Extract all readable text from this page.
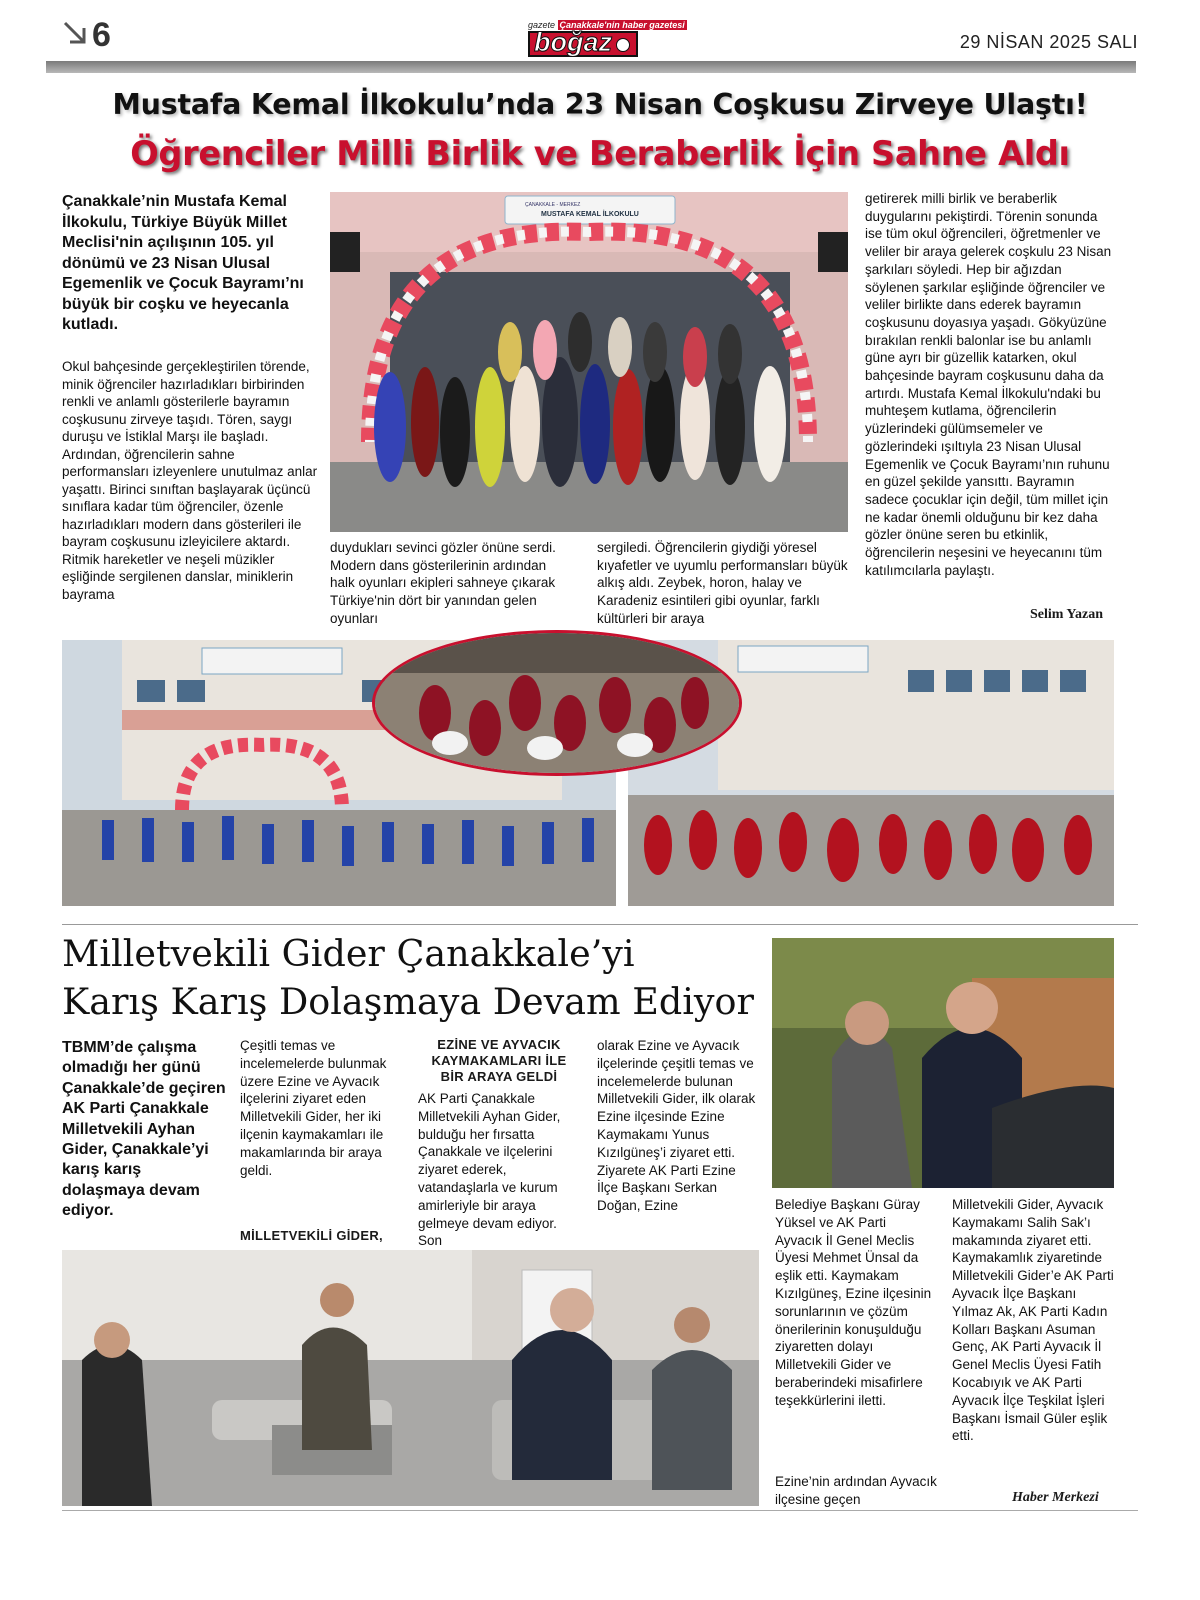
6	gazete Çanakkale'nin haber gazetesi
boğaz	29 NİSAN 2025 SALI
Mustafa Kemal İlkokulu’nda 23 Nisan Coşkusu Zirveye Ulaştı!
Öğrenciler Milli Birlik ve Beraberlik İçin Sahne Aldı
Çanakkale’nin Mustafa Kemal İlkokulu, Türkiye Büyük Millet Meclisi'nin açılışının 105. yıl dönümü ve 23 Nisan Ulusal Egemenlik ve Çocuk Bayramı’nı büyük bir coşku ve heyecanla kutladı.
Okul bahçesinde gerçekleştirilen törende, minik öğrenciler hazırladıkları birbirinden renkli ve anlamlı gösterilerle bayramın coşkusunu zirveye taşıdı. Tören, saygı duruşu ve İstiklal Marşı ile başladı. Ardından, öğrencilerin sahne performansları izleyenlere unutulmaz anlar yaşattı. Birinci sınıftan başlayarak üçüncü sınıflara kadar tüm öğrenciler, özenle hazırladıkları modern dans gösterileri ile bayram coşkusunu izleyicilere aktardı. Ritmik hareketler ve neşeli müzikler eşliğinde sergilenen danslar, miniklerin bayrama
ÇANAKKALE - MERKEZ
MUSTAFA KEMAL İLKOKULU
duydukları sevinci gözler önüne serdi. Modern dans gösterilerinin ardından halk oyunları ekipleri sahneye çıkarak Türkiye'nin dört bir yanından gelen oyunları
sergiledi. Öğrencilerin giydiği yöresel kıyafetler ve uyumlu performansları büyük alkış aldı. Zeybek, horon, halay ve Karadeniz esintileri gibi oyunlar, farklı kültürleri bir araya
getirerek milli birlik ve beraberlik duygularını pekiştirdi. Törenin sonunda ise tüm okul öğrencileri, öğretmenler ve veliler bir araya gelerek coşkulu 23 Nisan şarkıları söyledi. Hep bir ağızdan söylenen şarkılar eşliğinde öğrenciler ve veliler birlikte dans ederek bayramın coşkusunu doyasıya yaşadı. Gökyüzüne bırakılan renkli balonlar ise bu anlamlı güne ayrı bir güzellik katarken, okul bahçesinde bayram coşkusunu daha da artırdı. Mustafa Kemal İlkokulu'ndaki bu muhteşem kutlama, öğrencilerin yüzlerindeki gülümsemeler ve gözlerindeki ışıltıyla 23 Nisan Ulusal Egemenlik ve Çocuk Bayramı’nın ruhunu en güzel şekilde yansıttı. Bayramın sadece çocuklar için değil, tüm millet için ne kadar önemli olduğunu bir kez daha gözler önüne seren bu etkinlik, öğrencilerin neşesini ve heyecanını tüm katılımcılarla paylaştı.
Selim Yazan
Milletvekili Gider Çanakkale’yi
Karış Karış Dolaşmaya Devam Ediyor
TBMM’de çalışma olmadığı her günü Çanakkale’de geçiren AK Parti Çanakkale Milletvekili Ayhan Gider, Çanakkale’yi karış karış dolaşmaya devam ediyor.
Çeşitli temas ve incelemelerde bulunmak üzere Ezine ve Ayvacık ilçelerini ziyaret eden Milletvekili Gider, her iki ilçenin kaymakamları ile makamlarında bir araya geldi.
MİLLETVEKİLİ GİDER,
EZİNE VE AYVACIK KAYMAKAMLARI İLE BİR ARAYA GELDİ
AK Parti Çanakkale Milletvekili Ayhan Gider, bulduğu her fırsatta Çanakkale ve ilçelerini ziyaret ederek, vatandaşlarla ve kurum amirleriyle bir araya gelmeye devam ediyor. Son
olarak Ezine ve Ayvacık ilçelerinde çeşitli temas ve incelemelerde bulunan Milletvekili Gider, ilk olarak Ezine ilçesinde Ezine Kaymakamı Yunus Kızılgüneş’i ziyaret etti. Ziyarete AK Parti Ezine İlçe Başkanı Serkan Doğan, Ezine	Belediye Başkanı Güray Yüksel ve AK Parti Ayvacık İl Genel Meclis Üyesi Mehmet Ünsal da eşlik etti. Kaymakam Kızılgüneş, Ezine ilçesinin sorunlarının ve çözüm önerilerinin konuşulduğu ziyaretten dolayı Milletvekili Gider ve beraberindeki misafirlere teşekkürlerini iletti.
Ezine’nin ardından Ayvacık ilçesine geçen
Milletvekili Gider, Ayvacık Kaymakamı Salih Sak’ı makamında ziyaret etti. Kaymakamlık ziyaretinde Milletvekili Gider’e AK Parti Ayvacık İlçe Başkanı Yılmaz Ak, AK Parti Kadın Kolları Başkanı Asuman Genç, AK Parti Ayvacık İl Genel Meclis Üyesi Fatih Kocabıyık ve AK Parti Ayvacık İlçe Teşkilat İşleri Başkanı İsmail Güler eşlik etti.
Haber Merkezi
